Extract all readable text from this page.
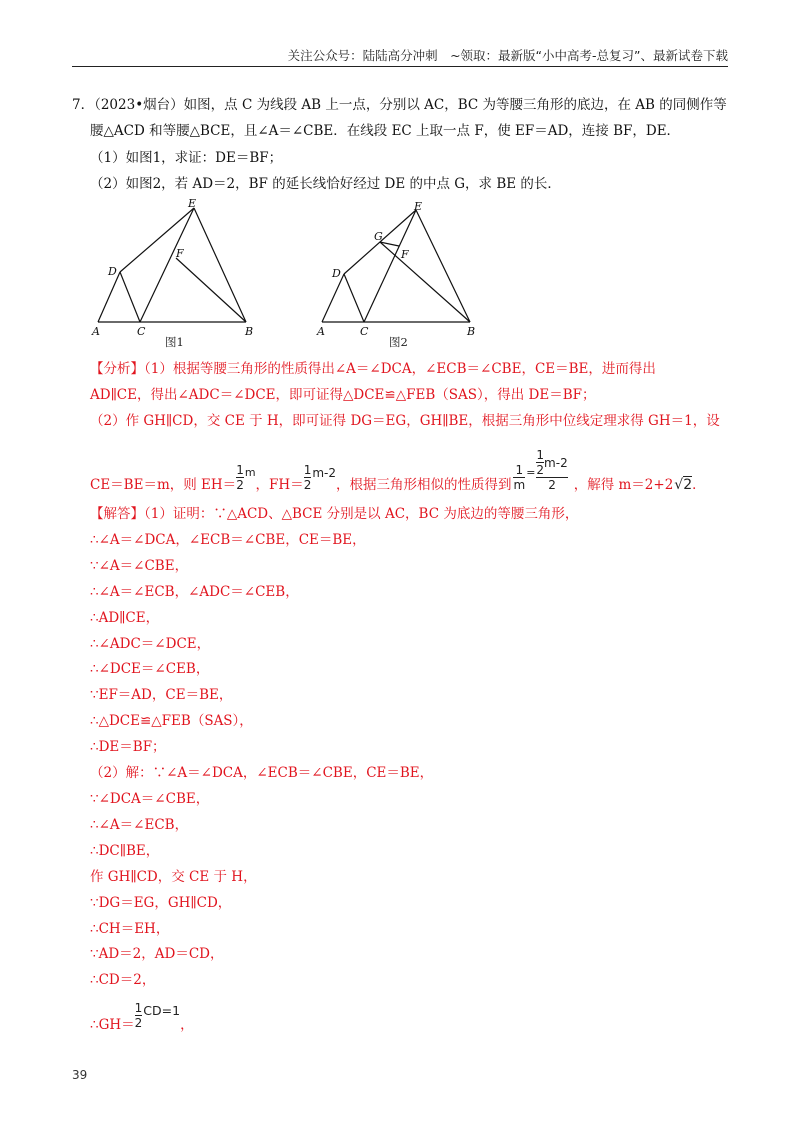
关注公众号：陆陆高分冲刺　~领取：最新版“小中高考-总复习”、最新试卷下载
7．（2023•烟台）如图，点 C 为线段 AB 上一点，分别以 AC，BC 为等腰三角形的底边，在 AB 的同侧作等
腰△ACD 和等腰△BCE，且∠A＝∠CBE．在线段 EC 上取一点 F，使 EF＝AD，连接 BF，DE．
（1）如图1，求证：DE＝BF；
（2）如图2，若 AD＝2，BF 的延长线恰好经过 DE 的中点 G，求 BE 的长．
E
D
F
A	C	B
图1
E
G
D
F
A	C	B
图2
【分析】（1）根据等腰三角形的性质得出∠A＝∠DCA，∠ECB＝∠CBE，CE＝BE，进而得出
AD∥CE，得出∠ADC＝∠DCE，即可证得△DCE≌△FEB（SAS），得出 DE＝BF；
（2）作 GH∥CD，交 CE 于 H，即可证得 DG＝EG，GH∥BE，根据三角形中位线定理求得 GH＝1，设
CE＝BE＝m，则 $EH= \frac{1}{2}$ m
，$FH= \frac{1}{2} m-2$
，根据三角形相似的性质得到 $\frac{1}{m} = \frac{\frac{1}{2} m-2}{2}$ ，解得 m＝2+2 √2 ．
【解答】（1）证明：∵△ACD、△BCE 分别是以 AC，BC 为底边的等腰三角形，
∴∠A＝∠DCA，∠ECB＝∠CBE，CE＝BE，
∵∠A＝∠CBE，
∴∠A＝∠ECB，∠ADC＝∠CEB，
∴AD∥CE，
∴∠ADC＝∠DCE，
∴∠DCE＝∠CEB，
∵EF＝AD，CE＝BE，
∴△DCE≌△FEB（SAS），
∴DE＝BF；
（2）解：∵∠A＝∠DCA，∠ECB＝∠CBE，CE＝BE，
∵∠DCA＝∠CBE，
∴∠A＝∠ECB，
∴DC∥BE，
作 GH∥CD，交 CE 于 H，
∵DG＝EG，GH∥CD，
∴CH＝EH，
∵AD＝2，AD＝CD，
∴CD＝2，
∴GH＝ $\frac{1}{2} CD=1$
，
39
